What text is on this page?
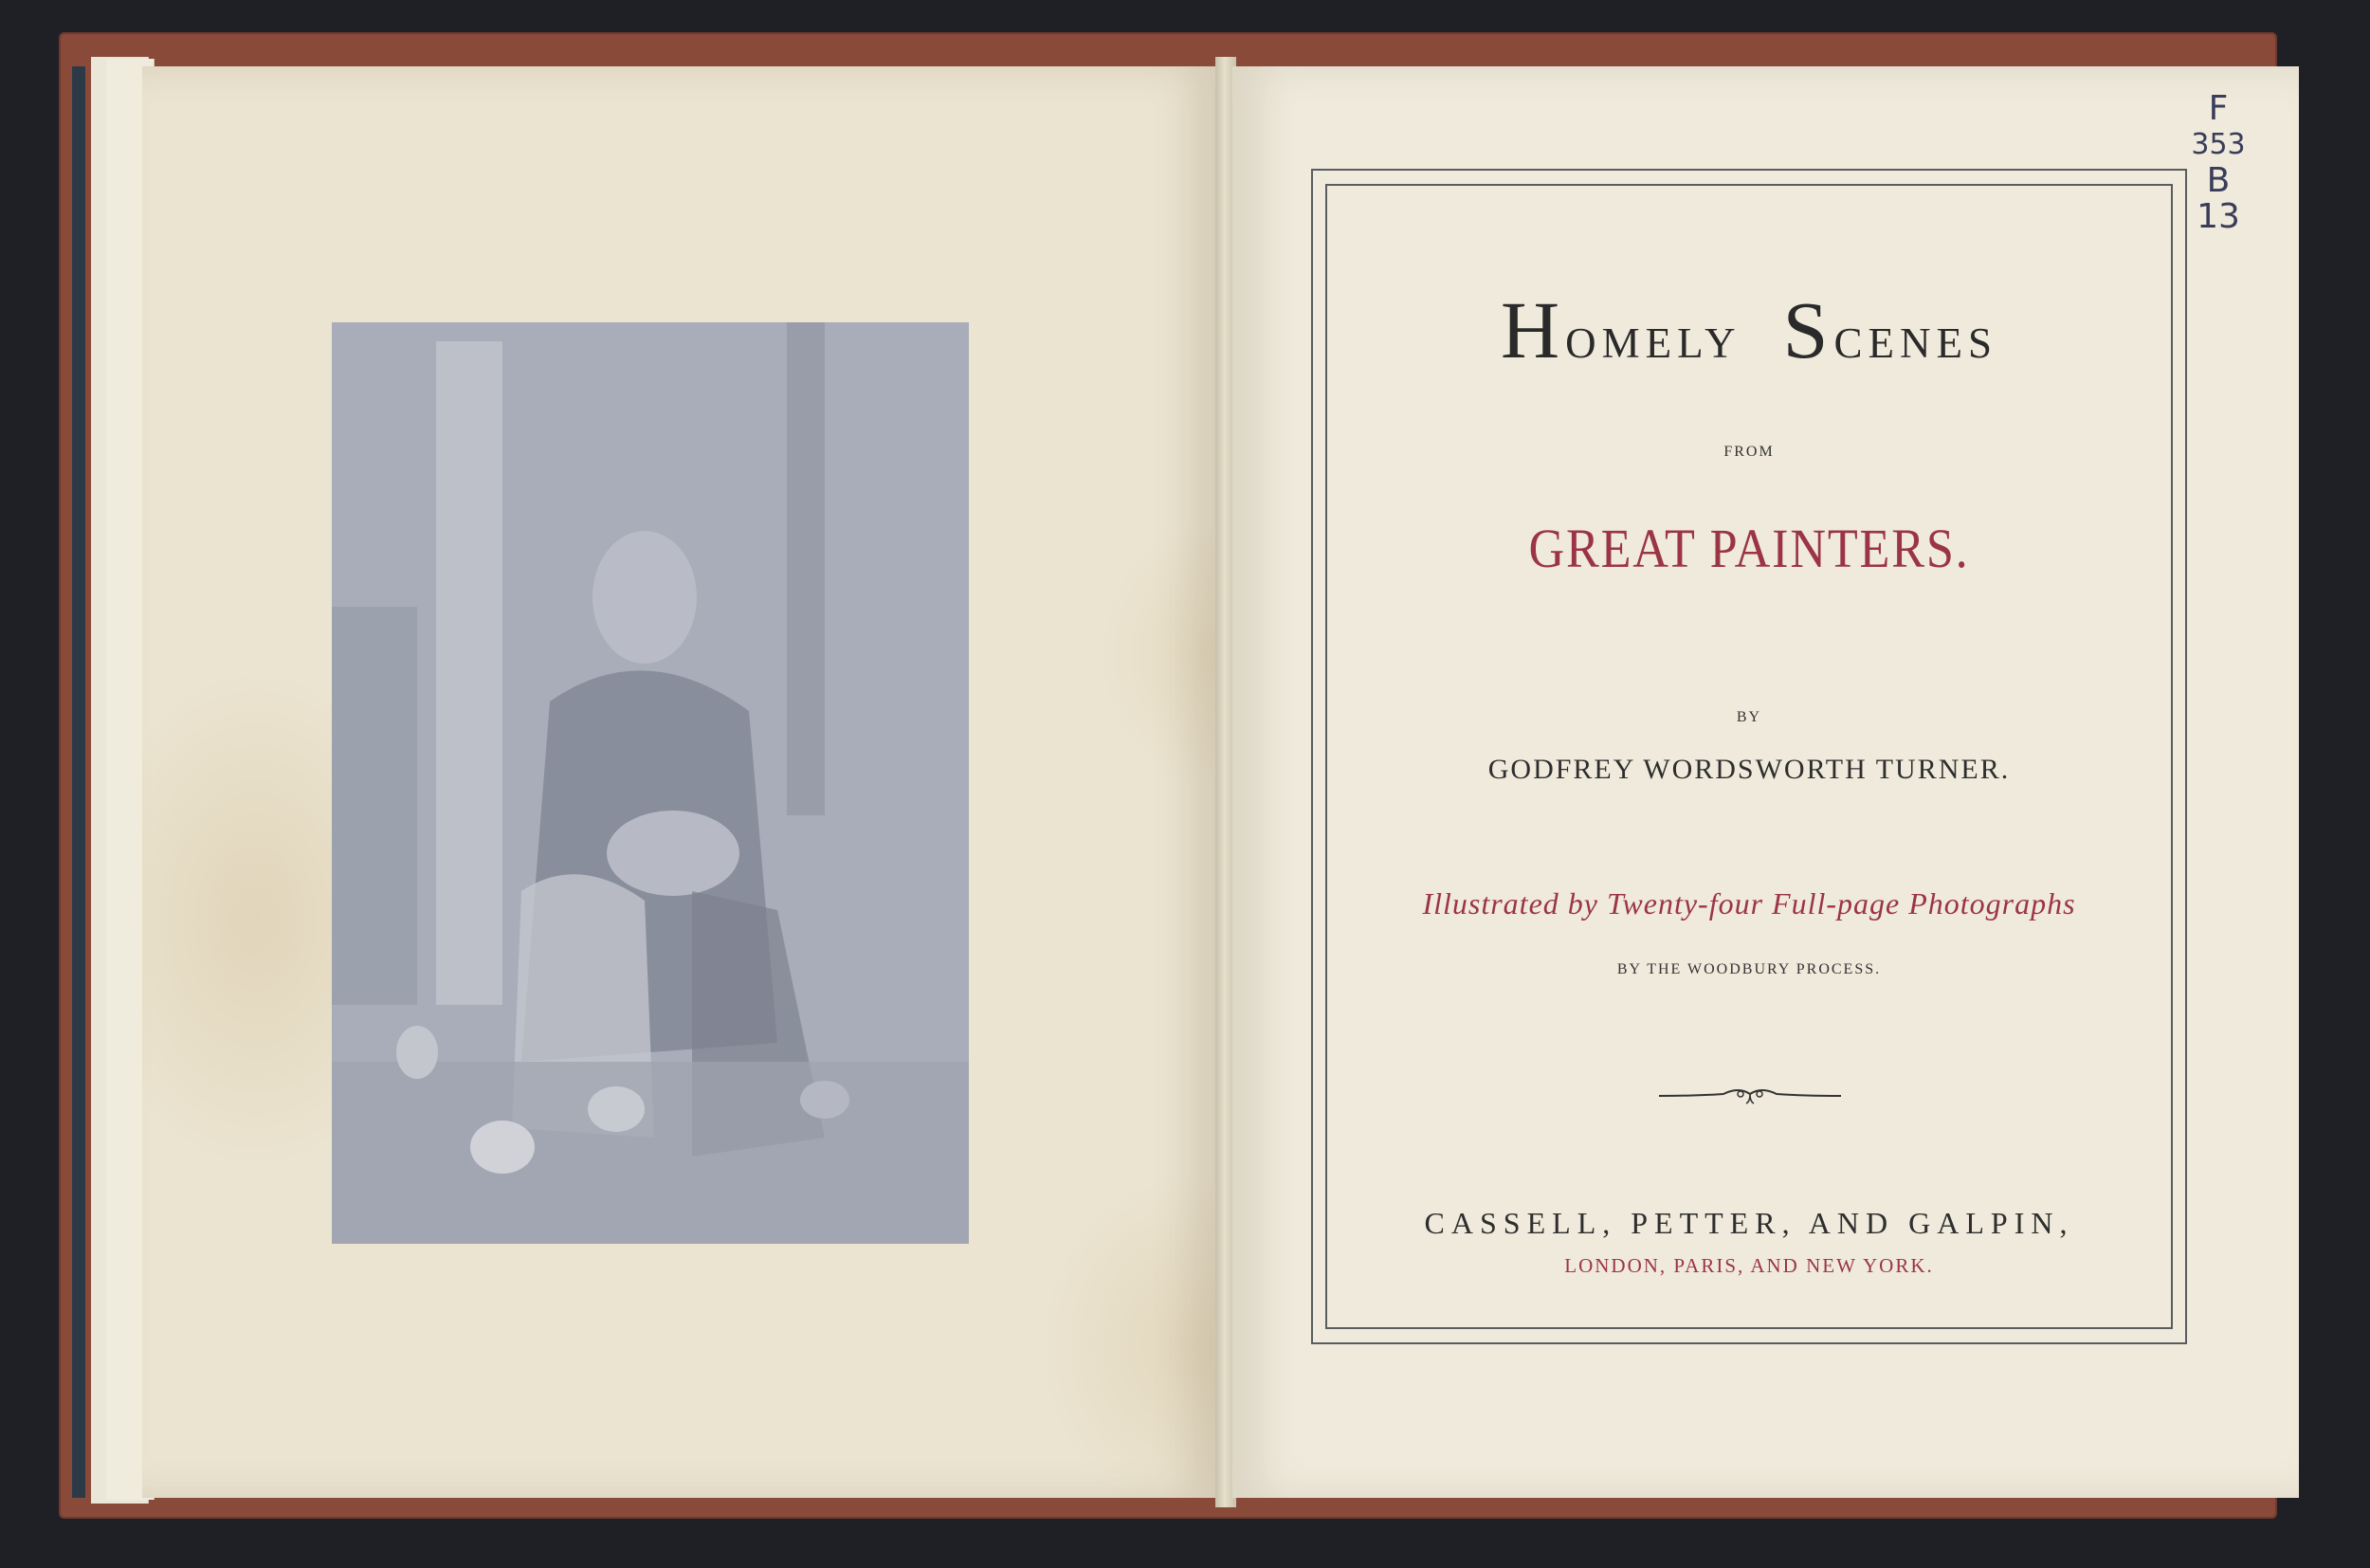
Homely Scenes
FROM
GREAT PAINTERS.
BY
GODFREY WORDSWORTH TURNER.
Illustrated by Twenty-four Full-page Photographs
BY THE WOODBURY PROCESS.
CASSELL, PETTER, AND GALPIN,
LONDON, PARIS, AND NEW YORK.
F
353
B
13
